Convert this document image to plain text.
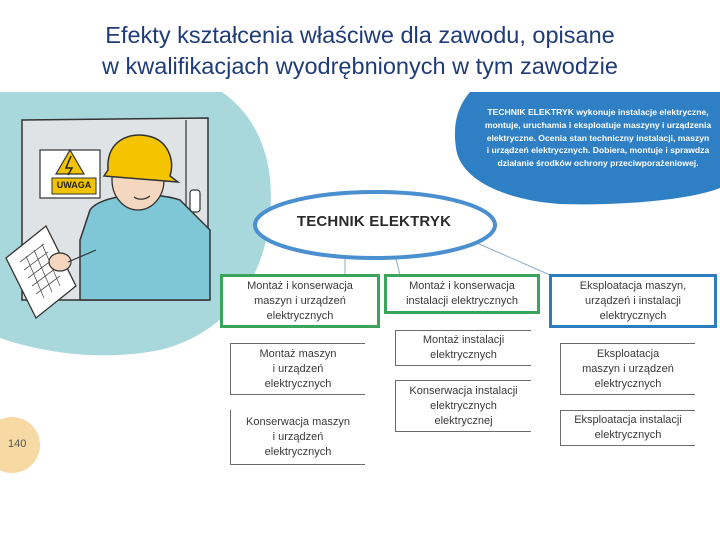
UWAGA
Efekty kształcenia właściwe dla zawodu, opisane
w kwalifikacjach wyodrębnionych w tym zawodzie
TECHNIK ELEKTRYK wykonuje instalacje elektryczne,
montuje, uruchamia i eksploatuje maszyny i urządzenia
elektryczne. Ocenia stan techniczny instalacji, maszyn
i urządzeń elektrycznych. Dobiera, montuje i sprawdza
działanie środków ochrony przeciwporażeniowej.
TECHNIK ELEKTRYK
Montaż i konserwacja
maszyn i urządzeń
elektrycznych
Montaż i konserwacja
instalacji elektrycznych
Eksploatacja maszyn,
urządzeń i instalacji
elektrycznych
Montaż maszyn
i urządzeń
elektrycznych
Konserwacja maszyn
i urządzeń
elektrycznych
Montaż instalacji
elektrycznych
Konserwacja instalacji
elektrycznych
elektrycznej
Eksploatacja
maszyn i urządzeń
elektrycznych
Eksploatacja instalacji
elektrycznych
140
